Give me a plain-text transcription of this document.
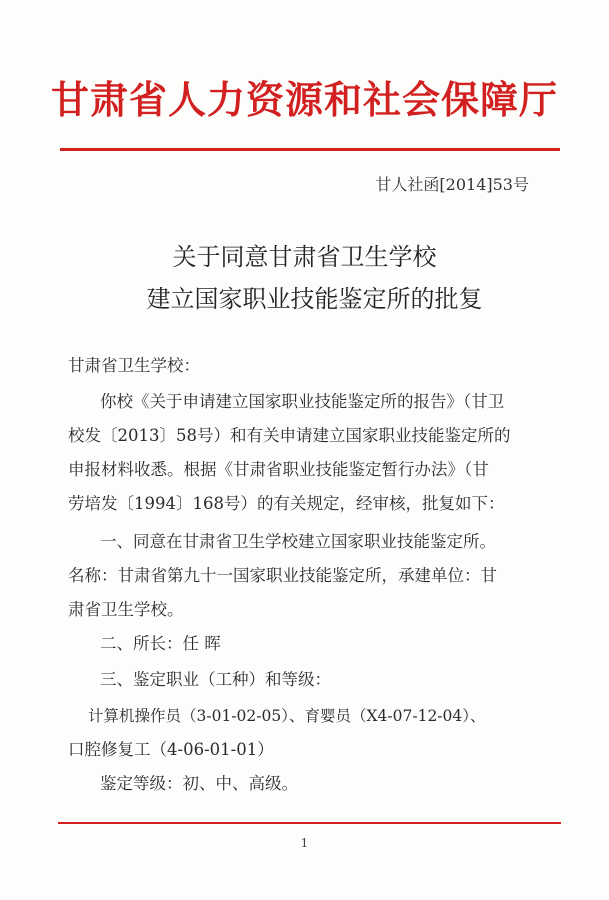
甘肃省人力资源和社会保障厅
甘人社函[2014]53号
关于同意甘肃省卫生学校
建立国家职业技能鉴定所的批复
甘肃省卫生学校：
你校《关于申请建立国家职业技能鉴定所的报告》（甘卫
校发〔2013〕58号）和有关申请建立国家职业技能鉴定所的
申报材料收悉。根据《甘肃省职业技能鉴定暂行办法》（甘
劳培发〔1994〕168号）的有关规定，经审核，批复如下：
一、同意在甘肃省卫生学校建立国家职业技能鉴定所。
名称：甘肃省第九十一国家职业技能鉴定所，承建单位：甘
肃省卫生学校。
二、所长：任 晖
三、鉴定职业（工种）和等级：
计算机操作员（3-01-02-05）、育婴员（X4-07-12-04）、
口腔修复工（4-06-01-01）
鉴定等级：初、中、高级。
1
